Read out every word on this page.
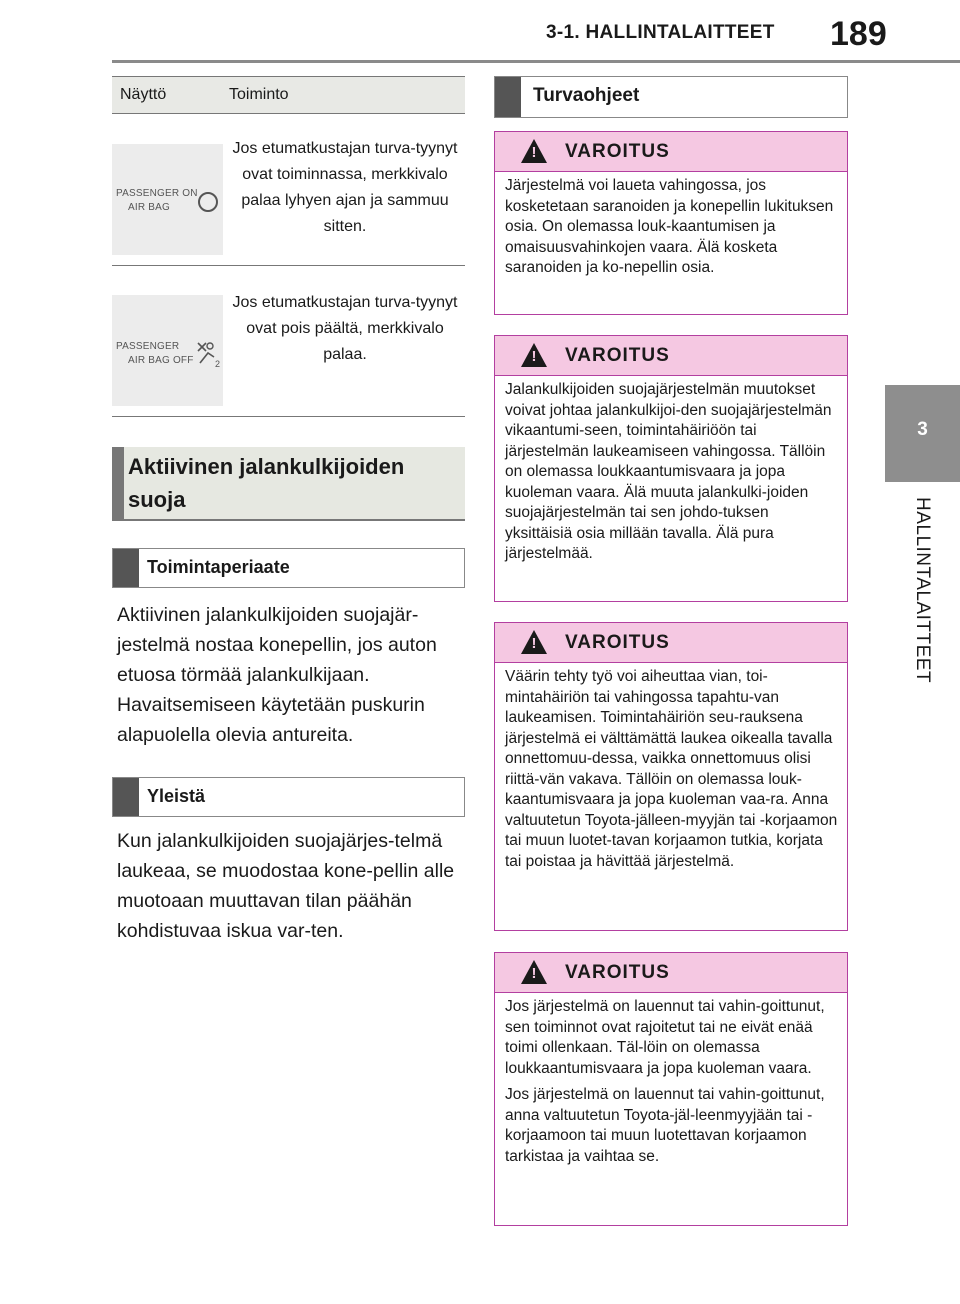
3-1. HALLINTALAITTEET 189
3
HALLINTALAITTEET
Näyttö	Toiminto
PASSENGER ON
AIR BAG
Jos etumatkustajan turva-tyynyt ovat toiminnassa, merkkivalo palaa lyhyen ajan ja sammuu sitten.
PASSENGER
AIR BAG OFF 2
Jos etumatkustajan turva-tyynyt ovat pois päältä, merkkivalo palaa.
Aktiivinen jalankulkijoiden suoja
Toimintaperiaate
Aktiivinen jalankulkijoiden suojajär-jestelmä nostaa konepellin, jos auton etuosa törmää jalankulkijaan. Havaitsemiseen käytetään puskurin alapuolella olevia antureita.
Yleistä
Kun jalankulkijoiden suojajärjes-telmä laukeaa, se muodostaa kone-pellin alle muotoaan muuttavan tilan päähän kohdistuvaa iskua var-ten.
Turvaohjeet
! VAROITUS

Järjestelmä voi laueta vahingossa, jos kosketetaan saranoiden ja konepellin lukituksen osia. On olemassa louk-kaantumisen ja omaisuusvahinkojen vaara. Älä kosketa saranoiden ja ko-nepellin osia.

! VAROITUS

Jalankulkijoiden suojajärjestelmän muutokset voivat johtaa jalankulkijoi-den suojajärjestelmän vikaantumi-seen, toimintahäiriöön tai järjestelmän laukeamiseen vahingossa. Tällöin on olemassa loukkaantumisvaara ja jopa kuoleman vaara. Älä muuta jalankulki-joiden suojajärjestelmän tai sen johdo-tuksen yksittäisiä osia millään tavalla. Älä pura järjestelmää.

! VAROITUS

Väärin tehty työ voi aiheuttaa vian, toi-mintahäiriön tai vahingossa tapahtu-van laukeamisen. Toimintahäiriön seu-rauksena järjestelmä ei välttämättä laukea oikealla tavalla onnettomuu-dessa, vaikka onnettomuus olisi riittä-vän vakava. Tällöin on olemassa louk-kaantumisvaara ja jopa kuoleman vaa-ra. Anna valtuutetun Toyota-jälleen-myyjän tai -korjaamon tai muun luotet-tavan korjaamon tutkia, korjata tai poistaa ja hävittää järjestelmä.

! VAROITUS

Jos järjestelmä on lauennut tai vahin-goittunut, sen toiminnot ovat rajoitetut tai ne eivät enää toimi ollenkaan. Täl-löin on olemassa loukkaantumisvaara ja jopa kuoleman vaara.

Jos järjestelmä on lauennut tai vahin-goittunut, anna valtuutetun Toyota-jäl-leenmyyjään tai -korjaamoon tai muun luotettavan korjaamon tarkistaa ja vaihtaa se.
